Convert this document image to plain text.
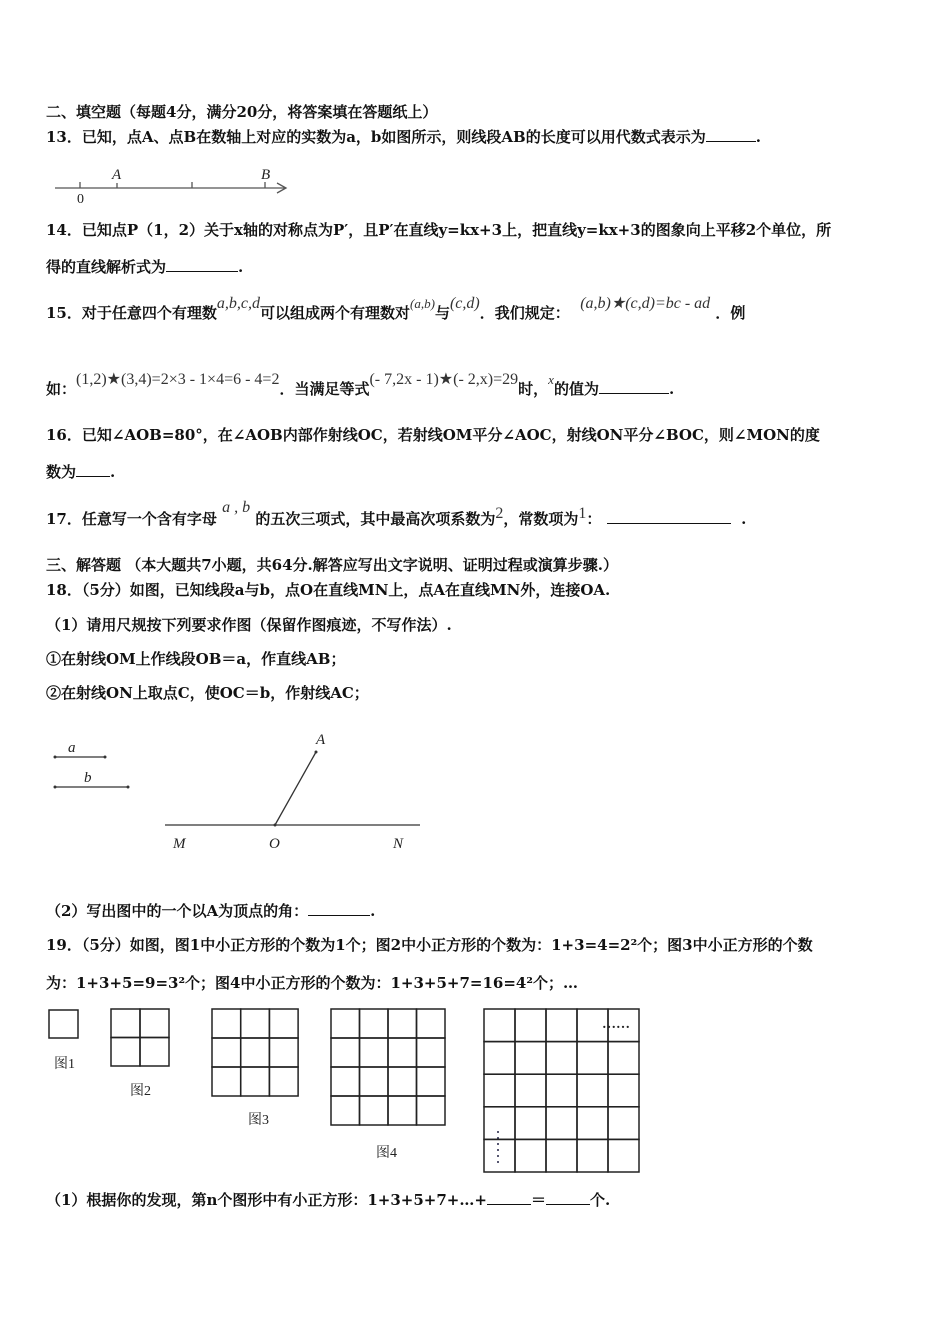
二、填空题（每题4分，满分20分，将答案填在答题纸上）
13．已知，点A、点B在数轴上对应的实数为a，b如图所示，则线段AB的长度可以用代数式表示为	.
14．已知点P（1，2）关于x轴的对称点为P′，且P′在直线y=kx+3上，把直线y=kx+3的图象向上平移2个单位，所
得的直线解析式为	.
15．对于任意四个有理数a,b,c,d可以组成两个有理数对(a,b)与(c,d)．我们规定：  (a,b)★(c,d)=bc - ad ．例
如：(1,2)★(3,4)=2×3 - 1×4=6 - 4=2．当满足等式(- 7,2x - 1)★(- 2,x)=29时，x的值为	.
16．已知∠AOB=80°，在∠AOB内部作射线OC，若射线OM平分∠AOC，射线ON平分∠BOC，则∠MON的度
数为 .
17．任意写一个含有字母 a , b 的五次三项式，其中最高次项系数为2，常数项为1：	.
三、解答题 （本大题共7小题，共64分.解答应写出文字说明、证明过程或演算步骤.）
18．（5分）如图，已知线段a与b，点O在直线MN上，点A在直线MN外，连接OA.
（1）请用尺规按下列要求作图（保留作图痕迹，不写作法）.
①在射线OM上作线段OB＝a，作直线AB；
②在射线ON上取点C，使OC＝b，作射线AC；
（2）写出图中的一个以A为顶点的角：	.
19．（5分）如图，图1中小正方形的个数为1个；图2中小正方形的个数为：1+3=4=2²个；图3中小正方形的个数
为：1+3+5=9=3²个；图4中小正方形的个数为：1+3+5+7=16=4²个；…
（1）根据你的发现，第n个图形中有小正方形：1+3+5+7+…+	＝	个.
0
A	B
a
b
A
M	O	N
图1
图2
图3
图4
……
